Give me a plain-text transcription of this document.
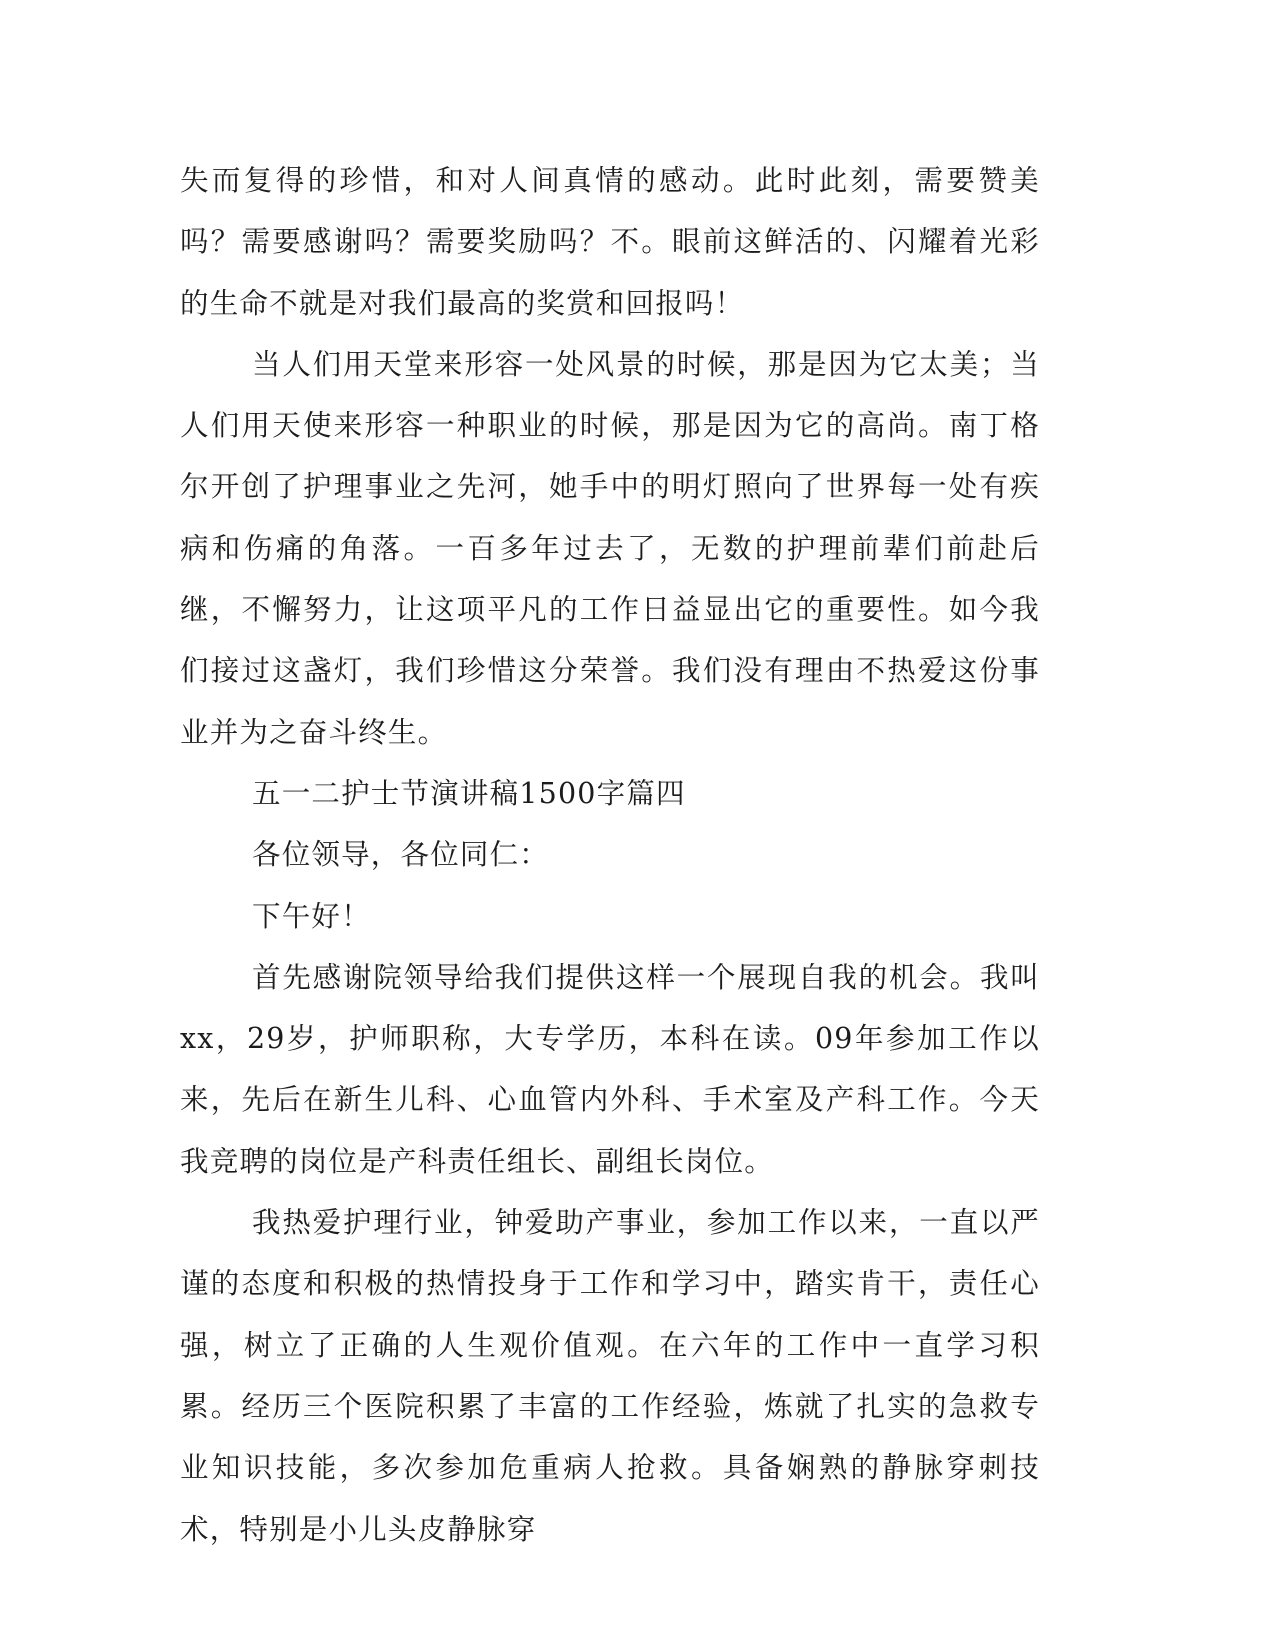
失而复得的珍惜，和对人间真情的感动。此时此刻，需要赞美吗？需要感谢吗？需要奖励吗？不。眼前这鲜活的、闪耀着光彩的生命不就是对我们最高的奖赏和回报吗！

当人们用天堂来形容一处风景的时候，那是因为它太美；当人们用天使来形容一种职业的时候，那是因为它的高尚。南丁格尔开创了护理事业之先河，她手中的明灯照向了世界每一处有疾病和伤痛的角落。一百多年过去了，无数的护理前辈们前赴后继，不懈努力，让这项平凡的工作日益显出它的重要性。如今我们接过这盏灯，我们珍惜这分荣誉。我们没有理由不热爱这份事业并为之奋斗终生。

五一二护士节演讲稿1500字篇四

各位领导，各位同仁：

下午好！

首先感谢院领导给我们提供这样一个展现自我的机会。我叫xx，29岁，护师职称，大专学历，本科在读。09年参加工作以来，先后在新生儿科、心血管内外科、手术室及产科工作。今天我竞聘的岗位是产科责任组长、副组长岗位。

我热爱护理行业，钟爱助产事业，参加工作以来，一直以严谨的态度和积极的热情投身于工作和学习中，踏实肯干，责任心强，树立了正确的人生观价值观。在六年的工作中一直学习积累。经历三个医院积累了丰富的工作经验，炼就了扎实的急救专业知识技能，多次参加危重病人抢救。具备娴熟的静脉穿刺技术，特别是小儿头皮静脉穿
